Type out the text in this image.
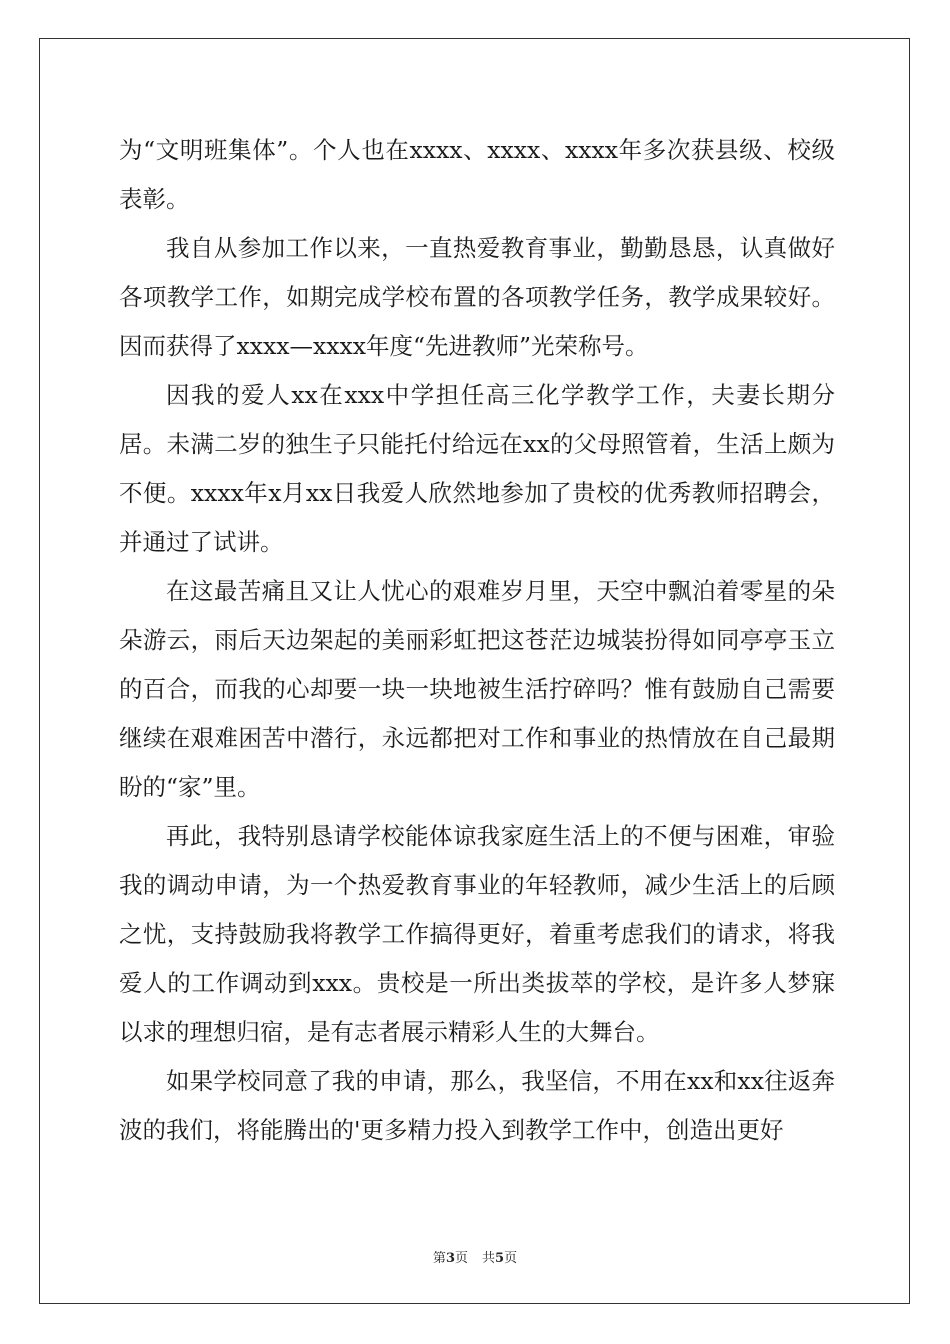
为“文明班集体”。个人也在xxxx、xxxx、xxxx年多次获县级、校级表彰。

我自从参加工作以来，一直热爱教育事业，勤勤恳恳，认真做好各项教学工作，如期完成学校布置的各项教学任务，教学成果较好。因而获得了xxxx—xxxx年度“先进教师”光荣称号。

因我的爱人xx在xxx中学担任高三化学教学工作，夫妻长期分居。未满二岁的独生子只能托付给远在xx的父母照管着，生活上颇为不便。xxxx年x月xx日我爱人欣然地参加了贵校的优秀教师招聘会，并通过了试讲。

在这最苦痛且又让人忧心的艰难岁月里，天空中飘泊着零星的朵朵游云，雨后天边架起的美丽彩虹把这苍茫边城装扮得如同亭亭玉立的百合，而我的心却要一块一块地被生活拧碎吗？惟有鼓励自己需要继续在艰难困苦中潜行，永远都把对工作和事业的热情放在自己最期盼的“家”里。

再此，我特别恳请学校能体谅我家庭生活上的不便与困难，审验我的调动申请，为一个热爱教育事业的年轻教师，减少生活上的后顾之忧，支持鼓励我将教学工作搞得更好，着重考虑我们的请求，将我爱人的工作调动到xxx。贵校是一所出类拔萃的学校，是许多人梦寐以求的理想归宿，是有志者展示精彩人生的大舞台。

如果学校同意了我的申请，那么，我坚信，不用在xx和xx往返奔波的我们，将能腾出的'更多精力投入到教学工作中，创造出更好

第3页 共5页
